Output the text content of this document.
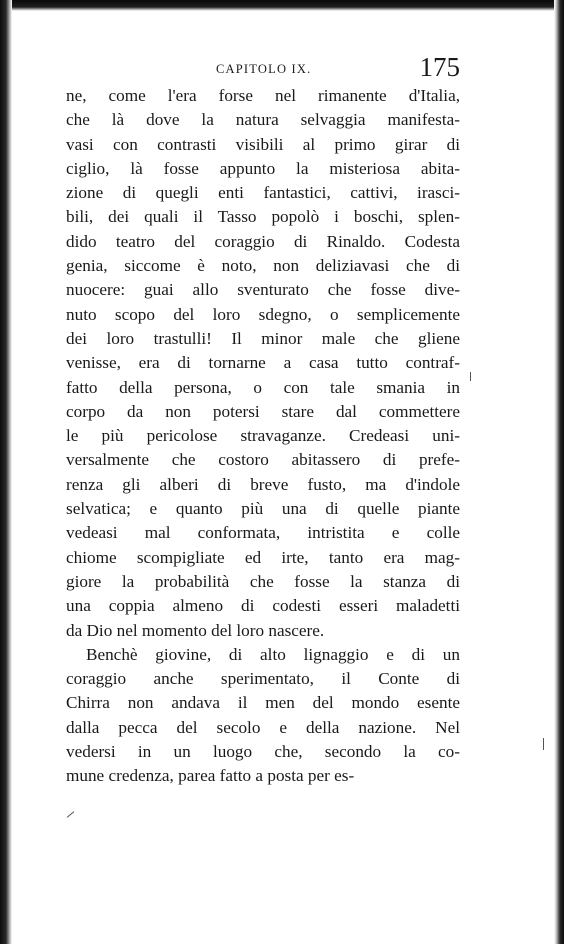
CAPITOLO IX.	175
ne, come l'era forse nel rimanente d'Italia,
che là dove la natura selvaggia manifesta-
vasi con contrasti visibili al primo girar di
ciglio, là fosse appunto la misteriosa abita-
zione di quegli enti fantastici, cattivi, irasci-
bili, dei quali il Tasso popolò i boschi, splen-
dido teatro del coraggio di Rinaldo. Codesta
genia, siccome è noto, non deliziavasi che di
nuocere: guai allo sventurato che fosse dive-
nuto scopo del loro sdegno, o semplicemente
dei loro trastulli! Il minor male che gliene
venisse, era di tornarne a casa tutto contraf-
fatto della persona, o con tale smania in
corpo da non potersi stare dal commettere
le più pericolose stravaganze. Credeasi uni-
versalmente che costoro abitassero di prefe-
renza gli alberi di breve fusto, ma d'indole
selvatica; e quanto più una di quelle piante
vedeasi mal conformata, intristita e colle
chiome scompigliate ed irte, tanto era mag-
giore la probabilità che fosse la stanza di
una coppia almeno di codesti esseri maladetti
da Dio nel momento del loro nascere.
Benchè giovine, di alto lignaggio e di un
coraggio anche sperimentato, il Conte di
Chirra non andava il men del mondo esente
dalla pecca del secolo e della nazione. Nel
vedersi in un luogo che, secondo la co-
mune credenza, parea fatto a posta per es-
